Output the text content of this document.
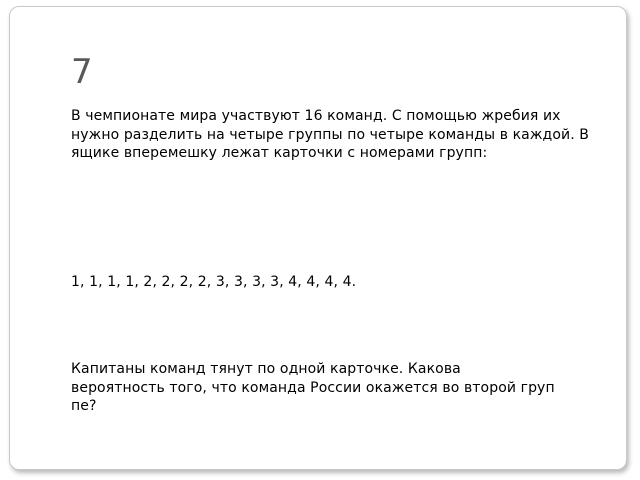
7
В чемпионате мира участвуют 16 команд. С помощью жребия их нужно разделить на четыре группы по четыре команды в каждой. В ящике вперемешку лежат карточки с номерами групп:
1, 1, 1, 1, 2, 2, 2, 2, 3, 3, 3, 3, 4, 4, 4, 4.
Капитаны команд тянут по одной карточке. Какова
вероятность того, что команда России окажется во второй груп
пе?
